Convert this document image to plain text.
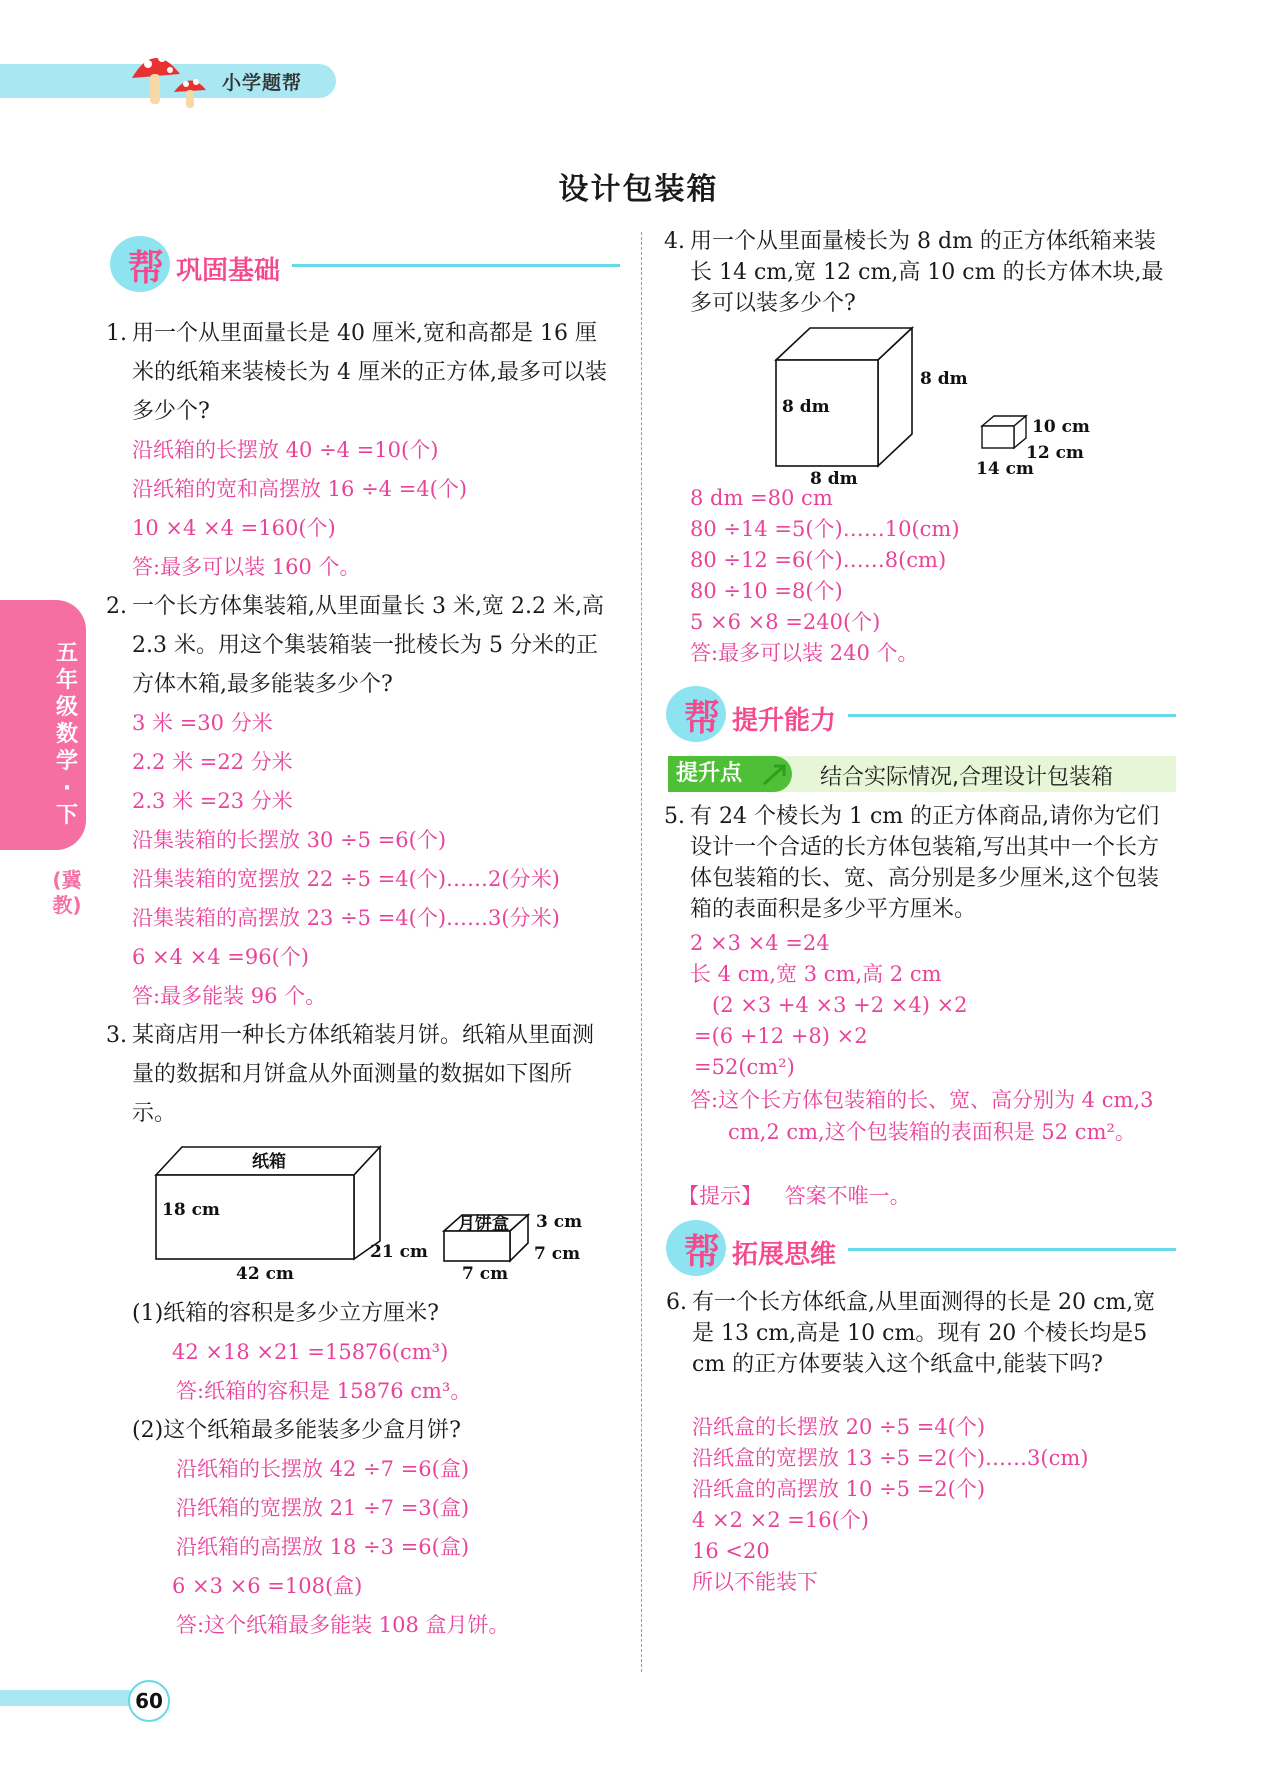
小学题帮
设计包装箱
五年级数学·下
(冀教)
帮 巩固基础
1. 用一个从里面量长是 40 厘米,宽和高都是 16 厘米的纸箱来装棱长为 4 厘米的正方体,最多可以装多少个?
沿纸箱的长摆放 40 ÷4 =10(个)
沿纸箱的宽和高摆放 16 ÷4 =4(个)
10 ×4 ×4 =160(个)
答:最多可以装 160 个。
2. 一个长方体集装箱,从里面量长 3 米,宽 2.2 米,高 2.3 米。用这个集装箱装一批棱长为 5 分米的正方体木箱,最多能装多少个?
3 米 =30 分米
2.2 米 =22 分米
2.3 米 =23 分米
沿集装箱的长摆放 30 ÷5 =6(个)
沿集装箱的宽摆放 22 ÷5 =4(个)……2(分米)
沿集装箱的高摆放 23 ÷5 =4(个)……3(分米)
6 ×4 ×4 =96(个)
答:最多能装 96 个。
3. 某商店用一种长方体纸箱装月饼。纸箱从里面测量的数据和月饼盒从外面测量的数据如下图所示。
纸箱
18 cm
42 cm
21 cm
月饼盒 3 cm
7 cm
7 cm
(1)纸箱的容积是多少立方厘米?
42 ×18 ×21 =15876(cm³)
答:纸箱的容积是 15876 cm³。
(2)这个纸箱最多能装多少盒月饼?
沿纸箱的长摆放 42 ÷7 =6(盒)
沿纸箱的宽摆放 21 ÷7 =3(盒)
沿纸箱的高摆放 18 ÷3 =6(盒)
6 ×3 ×6 =108(盒)
答:这个纸箱最多能装 108 盒月饼。
4. 用一个从里面量棱长为 8 dm 的正方体纸箱来装长 14 cm,宽 12 cm,高 10 cm 的长方体木块,最多可以装多少个?
8 dm
8 dm
8 dm
10 cm
12 cm
14 cm
8 dm =80 cm
80 ÷14 =5(个)……10(cm)
80 ÷12 =6(个)……8(cm)
80 ÷10 =8(个)
5 ×6 ×8 =240(个)
答:最多可以装 240 个。
帮 提升能力
提升点	结合实际情况,合理设计包装箱
5. 有 24 个棱长为 1 cm 的正方体商品,请你为它们设计一个合适的长方体包装箱,写出其中一个长方体包装箱的长、宽、高分别是多少厘米,这个包装箱的表面积是多少平方厘米。
2 ×3 ×4 =24
长 4 cm,宽 3 cm,高 2 cm
(2 ×3 +4 ×3 +2 ×4) ×2
=(6 +12 +8) ×2
=52(cm²)
答:这个长方体包装箱的长、宽、高分别为 4 cm,3 cm,2 cm,这个包装箱的表面积是 52 cm²。
【提示】 答案不唯一。
帮 拓展思维
6. 有一个长方体纸盒,从里面测得的长是 20 cm,宽是 13 cm,高是 10 cm。现有 20 个棱长均是5 cm 的正方体要装入这个纸盒中,能装下吗?
沿纸盒的长摆放 20 ÷5 =4(个)
沿纸盒的宽摆放 13 ÷5 =2(个)……3(cm)
沿纸盒的高摆放 10 ÷5 =2(个)
4 ×2 ×2 =16(个)
16 <20
所以不能装下
60
